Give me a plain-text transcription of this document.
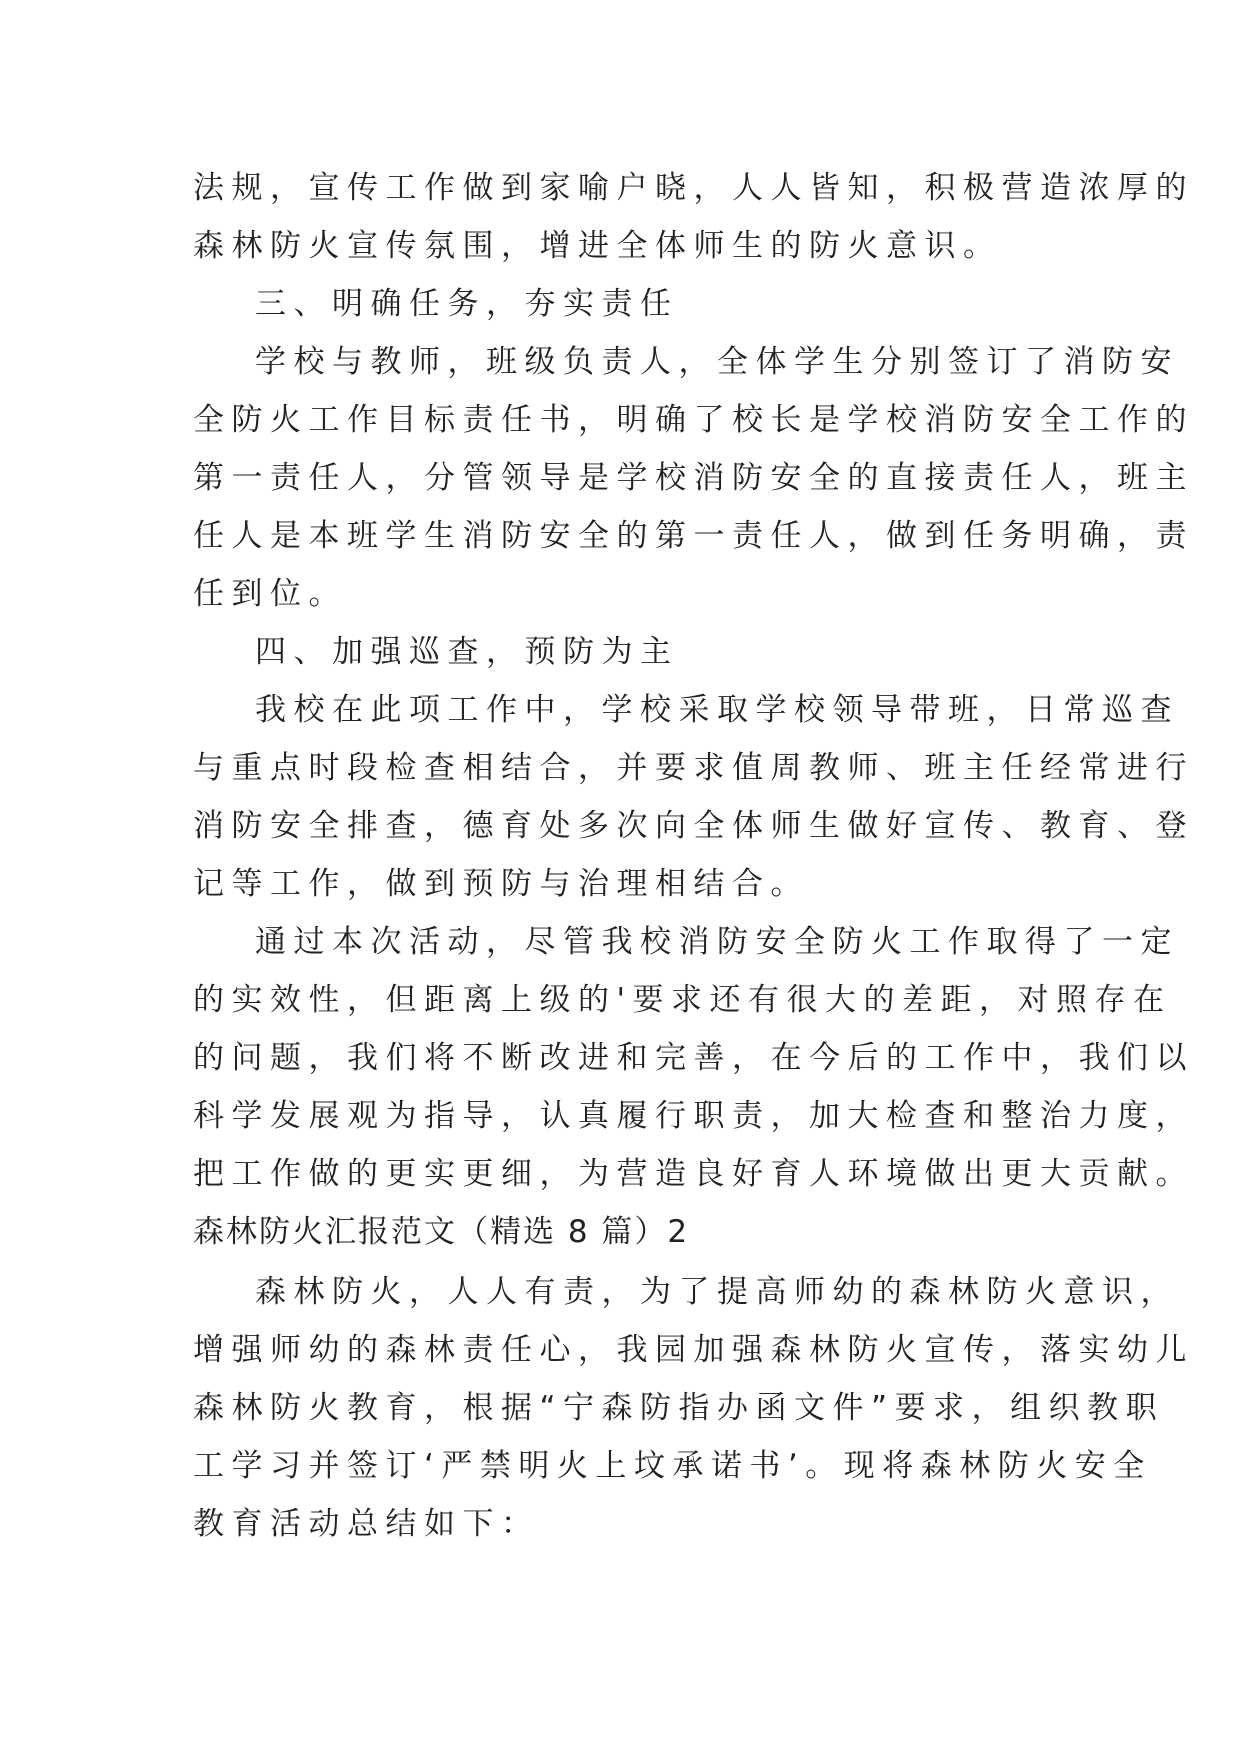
法规，宣传工作做到家喻户晓，人人皆知，积极营造浓厚的

森林防火宣传氛围，增进全体师生的防火意识。

三、明确任务，夯实责任

学校与教师，班级负责人，全体学生分别签订了消防安

全防火工作目标责任书，明确了校长是学校消防安全工作的

第一责任人，分管领导是学校消防安全的直接责任人，班主

任人是本班学生消防安全的第一责任人，做到任务明确，责

任到位。

四、加强巡查，预防为主

我校在此项工作中，学校采取学校领导带班，日常巡查

与重点时段检查相结合，并要求值周教师、班主任经常进行

消防安全排查，德育处多次向全体师生做好宣传、教育、登

记等工作，做到预防与治理相结合。

通过本次活动，尽管我校消防安全防火工作取得了一定

的实效性，但距离上级的'要求还有很大的差距，对照存在

的问题，我们将不断改进和完善，在今后的工作中，我们以

科学发展观为指导，认真履行职责，加大检查和整治力度，

把工作做的更实更细，为营造良好育人环境做出更大贡献。

森林防火汇报范文（精选 8 篇）2

森林防火，人人有责，为了提高师幼的森林防火意识，

增强师幼的森林责任心，我园加强森林防火宣传，落实幼儿

森林防火教育，根据“宁森防指办函文件”要求，组织教职

工学习并签订‘严禁明火上坟承诺书’。现将森林防火安全

教育活动总结如下：
